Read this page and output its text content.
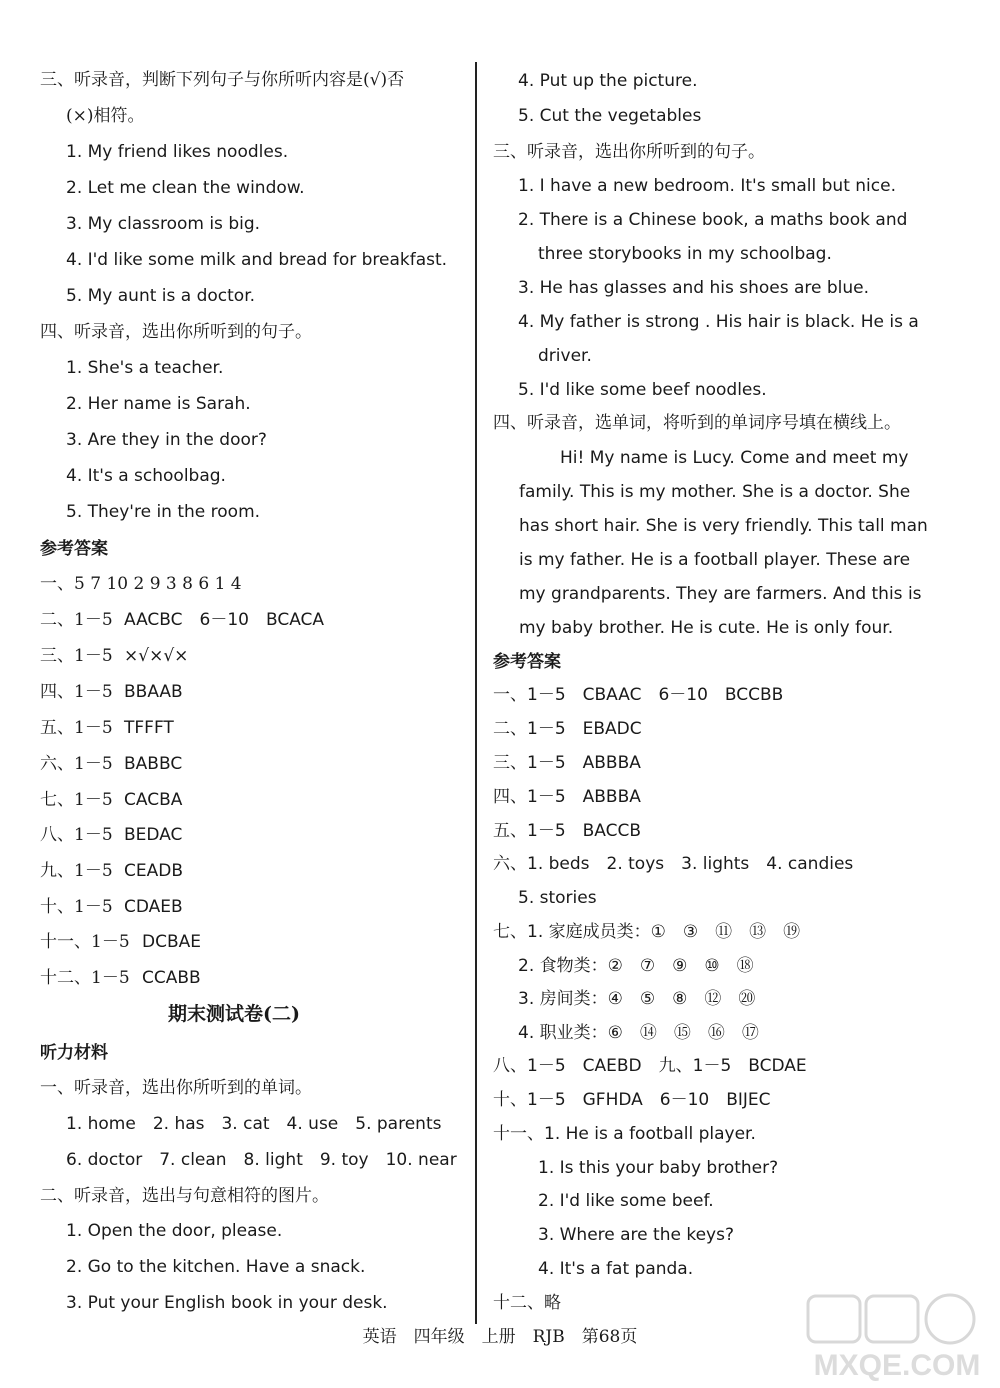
三、听录音，判断下列句子与你所听内容是(√)否
(×)相符。
1. My friend likes noodles.
2. Let me clean the window.
3. My classroom is big.
4. I'd like some milk and bread for breakfast.
5. My aunt is a doctor.
四、听录音，选出你所听到的句子。
1. She's a teacher.
2. Her name is Sarah.
3. Are they in the door?
4. It's a schoolbag.
5. They're in the room.
参考答案
一、5 7 10 2 9 3 8 6 1 4
二、1－5 AACBC　6－10　BCACA
三、1－5 ×√×√×
四、1－5 BBAAB
五、1－5 TFFFT
六、1－5 BABBC
七、1－5 CACBA
八、1－5 BEDAC
九、1－5 CEADB
十、1－5 CDAEB
十一、1－5 DCBAE
十二、1－5 CCABB
期末测试卷(二)
听力材料
一、听录音，选出你所听到的单词。
1. home　2. has　3. cat　4. use　5. parents
6. doctor　7. clean　8. light　9. toy　10. near
二、听录音，选出与句意相符的图片。
1. Open the door, please.
2. Go to the kitchen. Have a snack.
3. Put your English book in your desk.
4. Put up the picture.
5. Cut the vegetables
三、听录音，选出你所听到的句子。
1. I have a new bedroom. It's small but nice.
2. There is a Chinese book, a maths book and
three storybooks in my schoolbag.
3. He has glasses and his shoes are blue.
4. My father is strong . His hair is black. He is a
driver.
5. I'd like some beef noodles.
四、听录音，选单词，将听到的单词序号填在横线上。
Hi! My name is Lucy. Come and meet my
family. This is my mother. She is a doctor. She
has short hair. She is very friendly. This tall man
is my father. He is a football player. These are
my grandparents. They are farmers. And this is
my baby brother. He is cute. He is only four.
参考答案
一、1－5　CBAAC　6－10　BCCBB
二、1－5　EBADC
三、1－5　ABBBA
四、1－5　ABBBA
五、1－5　BACCB
六、1. beds　2. toys　3. lights　4. candies
5. stories
七、1. 家庭成员类：①　③　⑪　⑬　⑲
2. 食物类：②　⑦　⑨　⑩　⑱
3. 房间类：④　⑤　⑧　⑫　⑳
4. 职业类：⑥　⑭　⑮　⑯　⑰
八、1－5　CAEBD　九、1－5　BCDAE
十、1－5　GFHDA　6－10　BIJEC
十一、1. He is a football player.
1. Is this your baby brother?
2. I'd like some beef.
3. Where are the keys?
4. It's a fat panda.
十二、略
英语　四年级　上册　RJB　第68页
MXQE.COM
